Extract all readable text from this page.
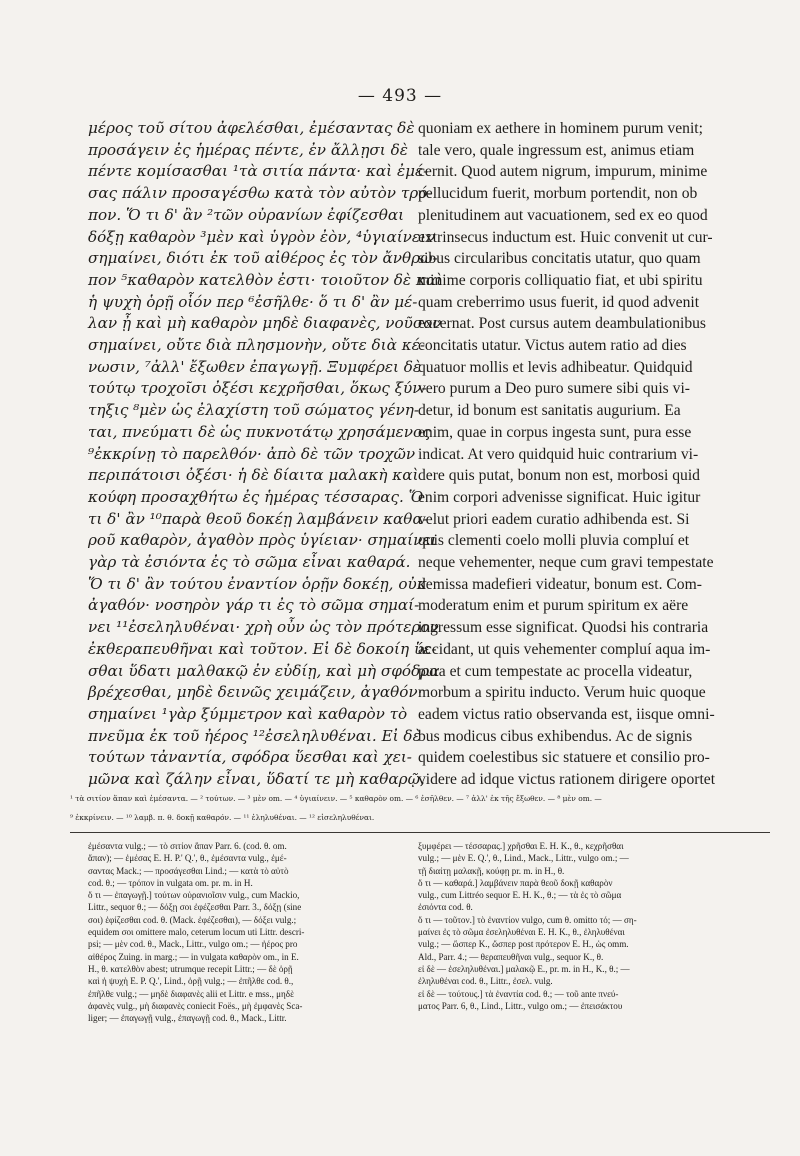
— 493 —

μέρος τοῦ σίτου ἀφελέσθαι, ἐμέσαντας δὲ

προσάγειν ἐς ἡμέρας πέντε, ἐν ἄλλῃσι δὲ

πέντε κομίσασθαι ¹τὰ σιτία πάντα· καὶ ἐμέ-

σας πάλιν προσαγέσθω κατὰ τὸν αὐτὸν τρό-

πον. Ὅ τι δ' ἂν ²τῶν οὐρανίων ἐφίζεσθαι

δόξῃ καθαρὸν ³μὲν καὶ ὑγρὸν ἐὸν, ⁴ὑγιαίνειν

σημαίνει, διότι ἐκ τοῦ αἰθέρος ἐς τὸν ἄνθρω-

πον ⁵καθαρὸν κατελθὸν ἐστι· τοιοῦτον δὲ καὶ

ἡ ψυχὴ ὁρῇ οἷόν περ ⁶ἐσῆλθε· ὅ τι δ' ἂν μέ-

λαν ᾖ καὶ μὴ καθαρὸν μηδὲ διαφανὲς, νοῦσον

σημαίνει, οὔτε διὰ πλησμονὴν, οὔτε διὰ κέ-

νωσιν, ⁷ἀλλ' ἔξωθεν ἐπαγωγῇ. Ξυμφέρει δὲ

τούτῳ τροχοῖσι ὀξέσι κεχρῆσθαι, ὅκως ξύν-

τηξις ⁸μὲν ὡς ἐλαχίστη τοῦ σώματος γένη-

ται, πνεύματι δὲ ὡς πυκνοτάτῳ χρησάμενος

⁹ἐκκρίνῃ τὸ παρελθόν· ἀπὸ δὲ τῶν τροχῶν

περιπάτοισι ὀξέσι· ἡ δὲ δίαιτα μαλακὴ καὶ

κούφη προσαχθήτω ἐς ἡμέρας τέσσαρας. Ὅ

τι δ' ἂν ¹⁰παρὰ θεοῦ δοκέῃ λαμβάνειν καθα-

ροῦ καθαρὸν, ἀγαθὸν πρὸς ὑγίειαν· σημαίνει

γὰρ τὰ ἐσιόντα ἐς τὸ σῶμα εἶναι καθαρά.

Ὅ τι δ' ἂν τούτου ἐναντίον ὁρῇν δοκέῃ, οὐκ

ἀγαθόν· νοσηρὸν γάρ τι ἐς τὸ σῶμα σημαί-

νει ¹¹ἐσεληλυθέναι· χρὴ οὖν ὡς τὸν πρότερον

ἐκθεραπευθῆναι καὶ τοῦτον. Εἰ δὲ δοκοίη ὕε-

σθαι ὕδατι μαλθακῷ ἐν εὐδίῃ, καὶ μὴ σφόδρα

βρέχεσθαι, μηδὲ δεινῶς χειμάζειν, ἀγαθόν·

σημαίνει ¹γὰρ ξύμμετρον καὶ καθαρὸν τὸ

πνεῦμα ἐκ τοῦ ἠέρος ¹²ἐσεληλυθέναι. Εἰ δὲ

τούτων τἀναντία, σφόδρα ὕεσθαι καὶ χει-

μῶνα καὶ ζάλην εἶναι, ὕδατί τε μὴ καθαρῷ,

quoniam ex aethere in hominem purum venit;

tale vero, quale ingressum est, animus etiam

cernit. Quod autem nigrum, impurum, minime

pellucidum fuerit, morbum portendit, non ob

plenitudinem aut vacuationem, sed ex eo quod

extrinsecus inductum est. Huic convenit ut cur-

sibus circularibus concitatis utatur, quo quam

minime corporis colliquatio fiat, et ubi spiritu

quam creberrimo usus fuerit, id quod advenit

excernat. Post cursus autem deambulationibus

concitatis utatur. Victus autem ratio ad dies

quatuor mollis et levis adhibeatur. Quidquid

vero purum a Deo puro sumere sibi quis vi-

detur, id bonum est sanitatis augurium. Ea

enim, quae in corpus ingesta sunt, pura esse

indicat. At vero quidquid huic contrarium vi-

dere quis putat, bonum non est, morbosi quid

enim corpori advenisse significat. Huic igitur

velut priori eadem curatio adhibenda est. Si

quis clementi coelo molli pluvia compluí et

neque vehementer, neque cum gravi tempestate

demissa madefieri videatur, bonum est. Com-

moderatum enim et purum spiritum ex aëre

ingressum esse significat. Quodsi his contraria

accidant, ut quis vehementer compluí aqua im-

pura et cum tempestate ac procella videatur,

morbum a spiritu inducto. Verum huic quoque

eadem victus ratio observanda est, iisque omni-

bus modicus cibus exhibendus. Ac de signis

quidem coelestibus sic statuere et consilio pro-

videre ad idque victus rationem dirigere oportet

¹ τὰ σιτίον ἅπαν καὶ ἐμέσαντα. — ² τούτων. — ³ μὲν om. — ⁴ ὑγιαίνειν. — ⁵ καθαρὸν om. — ⁶ ἐσῆλθεν. — ⁷ ἀλλ' ἐκ τῆς ἔξωθεν. — ⁸ μὲν om. —

⁹ ἐκκρίνειν. — ¹⁰ λαμβ. π. θ. δοκῇ καθαρόν. — ¹¹ ἐληλυθέναι. — ¹² εἰσεληλυθέναι.

ἐμέσαντα vulg.; — τὸ σιτίον ἅπαν Parr. 6. (cod. θ. om.

ἅπαν); — ἐμέσας E. H. P.' Q.', θ., ἐμέσαντα vulg., ἐμέ-

σαντας Mack.; — προσάγεσθαι Lind.; — κατὰ τὸ αὐτὸ

cod. θ.; — τρόπον in vulgata om. pr. m. in H.

ὅ τι — ἐπαγωγῇ.] τούτων οὐρανιοῖσιν vulg., cum Mackio,

Littr., sequor θ.; — δόξῃ σοι ἐφέζεσθαι Parr. 3., δόξῃ (sine

σοι) ἐφίζεσθαι cod. θ. (Mack. ἐφέζεσθαι), — δόξει vulg.;

equidem σοι omittere malo, ceterum locum uti Littr. descri-

psi; — μὲν cod. θ., Mack., Littr., vulgo om.; — ἠέρος pro

αἰθέρος Zuing. in marg.; — in vulgata καθαρὸν om., in E.

H., θ. κατελθὸν abest; utrumque recepit Littr.; — δὲ ὁρῇ

καὶ ἡ ψυχὴ E. P. Q.', Lind., ὁρῇ vulg.; — ἐπῆλθε cod. θ.,

ἐπῆλθε vulg.; — μηδὲ διαφανὲς alii et Littr. e mss., μηδὲ

ἀφανὲς vulg., μὴ διαφανὲς coniecit Foës., μὴ ἐμφανὲς Sca-

liger; — ἐπαγωγῇ vulg., ἐπαγωγῇ cod. θ., Mack., Littr.

ξυμφέρει — τέσσαρας.] χρῆσθαι E. H. K., θ., κεχρῆσθαι

vulg.; — μὲν E. Q.', θ., Lind., Mack., Littr., vulgo om.; —

τῇ διαίτῃ μαλακῇ, κούφῃ pr. m. in H., θ.

ὅ τι — καθαρά.] λαμβάνειν παρὰ θεοῦ δοκῇ καθαρὸν

vulg., cum Littréo sequor E. H. K., θ.; — τὰ ἐς τὸ σῶμα

ἐσιόντα cod. θ.

ὅ τι — τοῦτον.] τὸ ἐναντίον vulgo, cum θ. omitto τό; — ση-

μαίνει ἐς τὸ σῶμα ἐσεληλυθέναι E. H. K., θ., ἐληλυθέναι

vulg.; — ὥσπερ K., ὥσπερ post πρότερον E. H., ὡς omm.

Ald., Parr. 4.; — θεραπευθῆναι vulg., sequor K., θ.

εἰ δὲ — ἐσεληλυθέναι.] μαλακῷ E., pr. m. in H., K., θ.; —

ἐληλυθέναι cod. θ., Littr., ἐσελ. vulg.

εἰ δὲ — τούτους.] τὰ ἐναντία cod. θ.; — τοῦ ante πνεύ-

ματος Parr. 6, θ., Lind., Littr., vulgo om.; — ἐπεισάκτου
